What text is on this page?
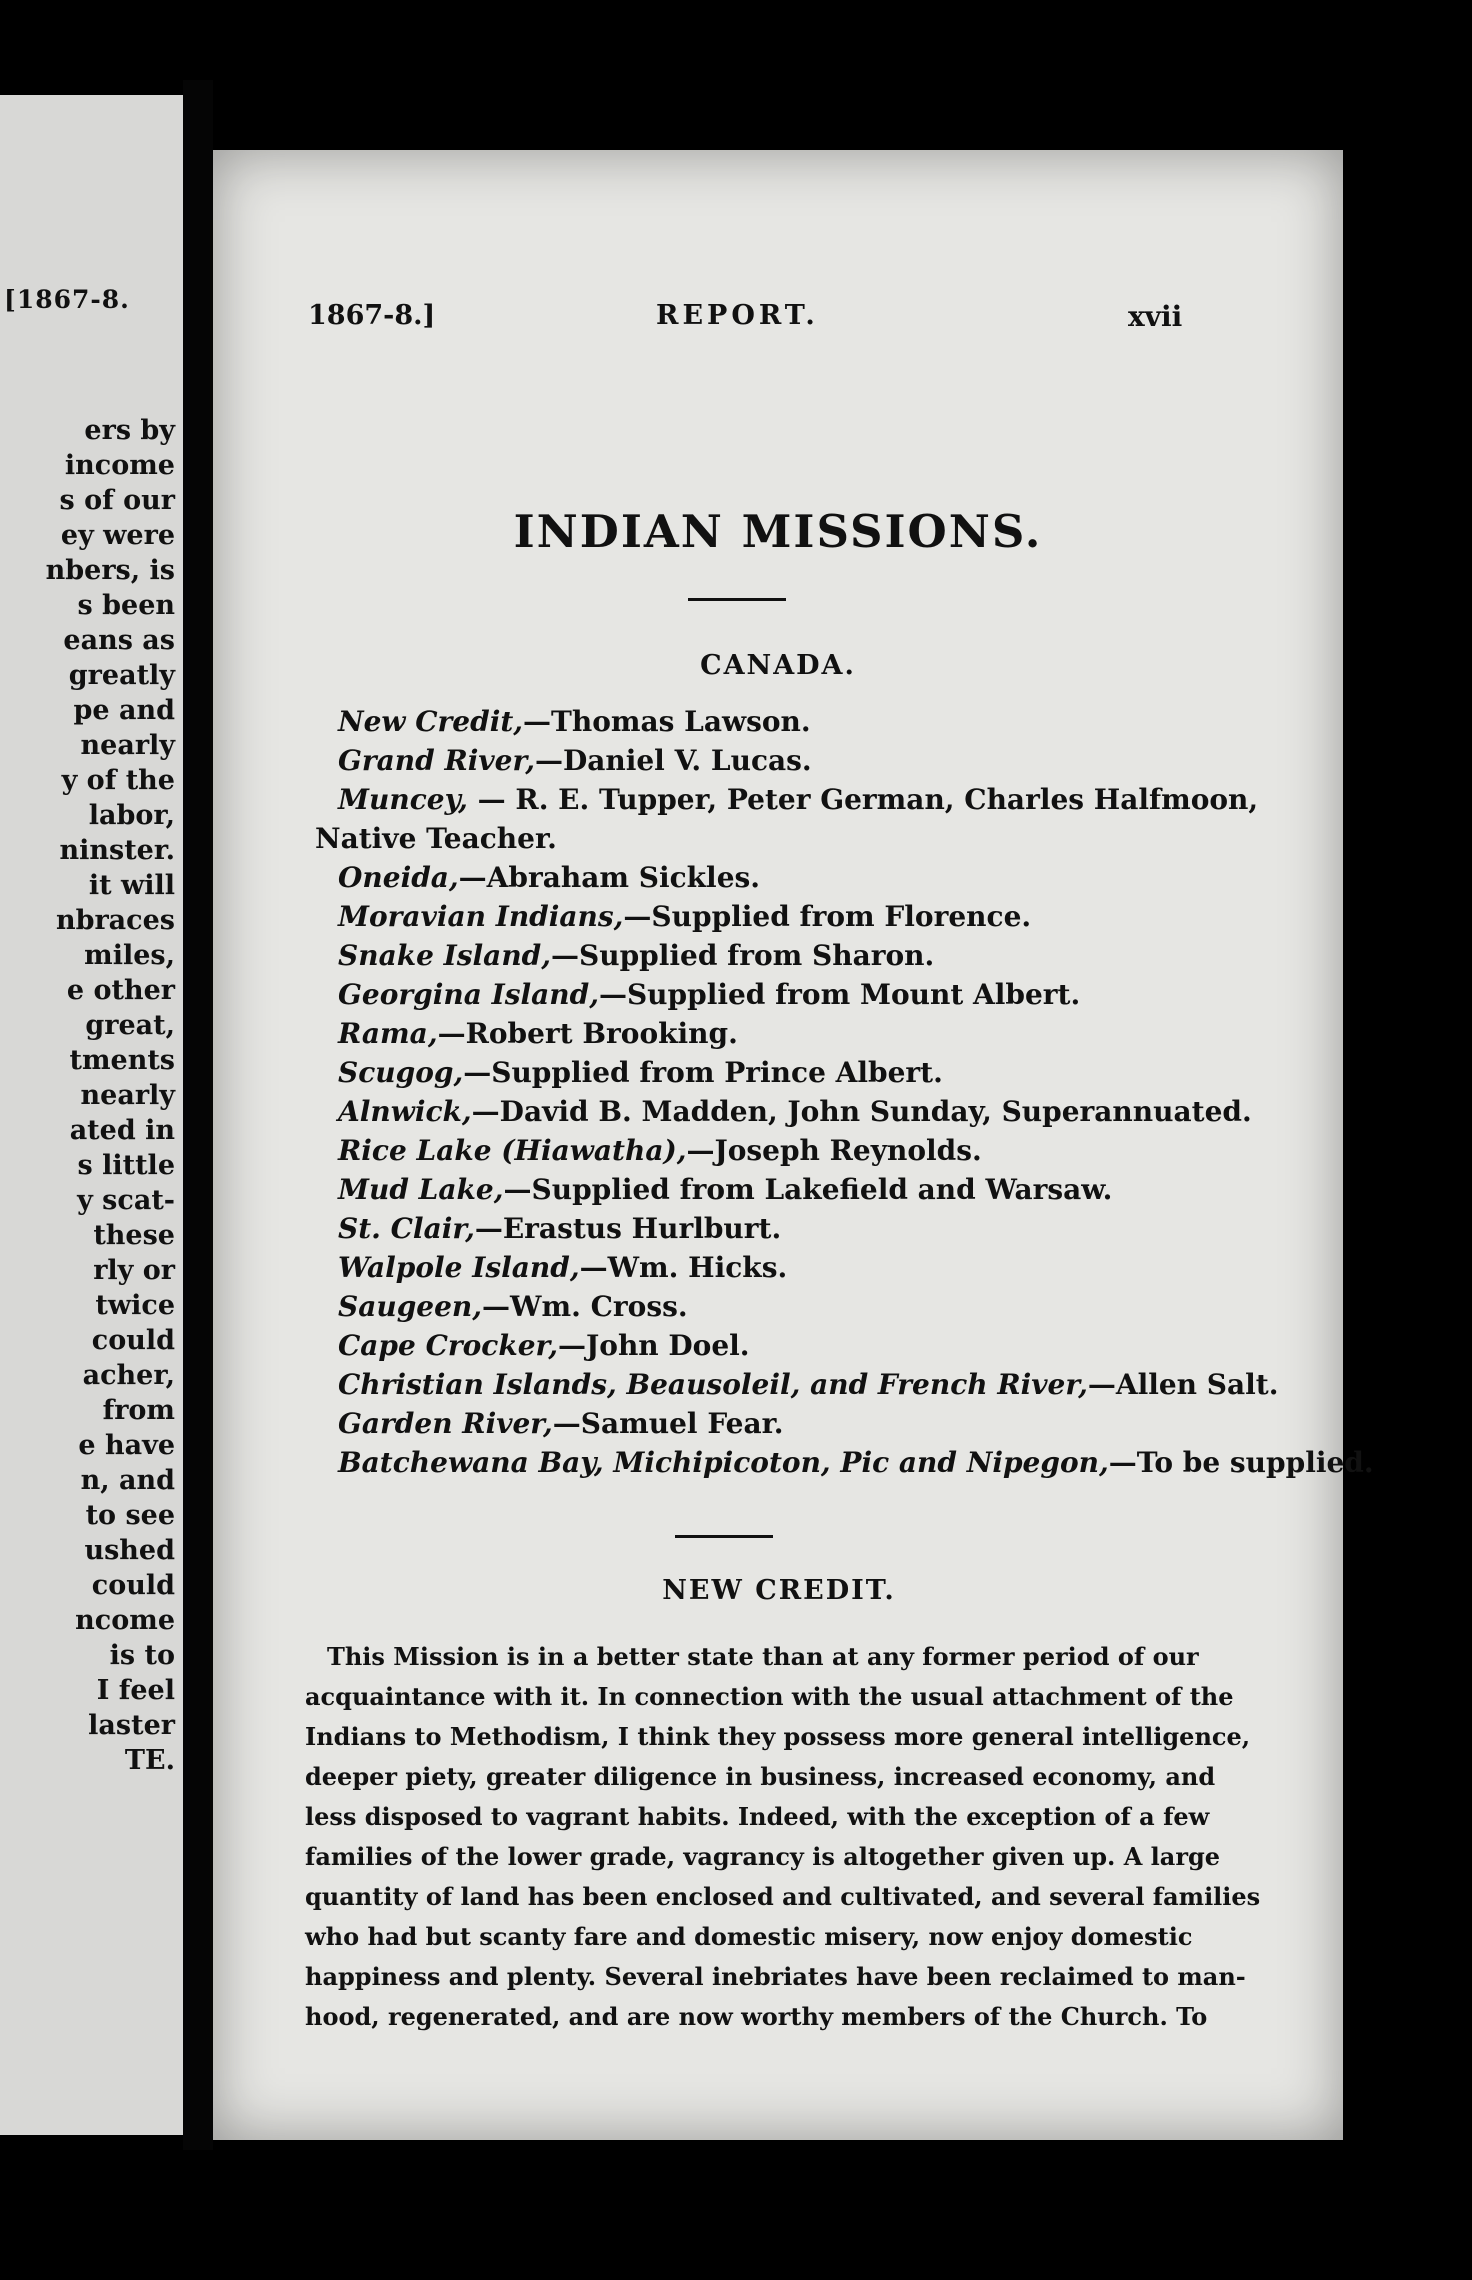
[1867-8.
ers by
income
s of our
ey were
nbers, is
s been
eans as
greatly
pe and
nearly
y of the
labor,
ninster.
it will
nbraces
miles,
e other
great,
tments
nearly
ated in
s little
y scat-
these
rly or
twice
could
acher,
from
e have
n, and
to see
ushed
could
ncome
is to
I feel
laster
TE.
1867-8.]	REPORT.	xvii
INDIAN MISSIONS.
CANADA.
New Credit,—Thomas Lawson.
Grand River,—Daniel V. Lucas.
Muncey, — R. E. Tupper, Peter German, Charles Halfmoon,
Native Teacher.
Oneida,—Abraham Sickles.
Moravian Indians,—Supplied from Florence.
Snake Island,—Supplied from Sharon.
Georgina Island,—Supplied from Mount Albert.
Rama,—Robert Brooking.
Scugog,—Supplied from Prince Albert.
Alnwick,—David B. Madden, John Sunday, Superannuated.
Rice Lake (Hiawatha),—Joseph Reynolds.
Mud Lake,—Supplied from Lakefield and Warsaw.
St. Clair,—Erastus Hurlburt.
Walpole Island,—Wm. Hicks.
Saugeen,—Wm. Cross.
Cape Crocker,—John Doel.
Christian Islands, Beausoleil, and French River,—Allen Salt.
Garden River,—Samuel Fear.
Batchewana Bay, Michipicoton, Pic and Nipegon,—To be supplied.
NEW CREDIT.
This Mission is in a better state than at any former period of our
acquaintance with it. In connection with the usual attachment of the
Indians to Methodism, I think they possess more general intelligence,
deeper piety, greater diligence in business, increased economy, and
less disposed to vagrant habits. Indeed, with the exception of a few
families of the lower grade, vagrancy is altogether given up. A large
quantity of land has been enclosed and cultivated, and several families
who had but scanty fare and domestic misery, now enjoy domestic
happiness and plenty. Several inebriates have been reclaimed to man-
hood, regenerated, and are now worthy members of the Church. To
